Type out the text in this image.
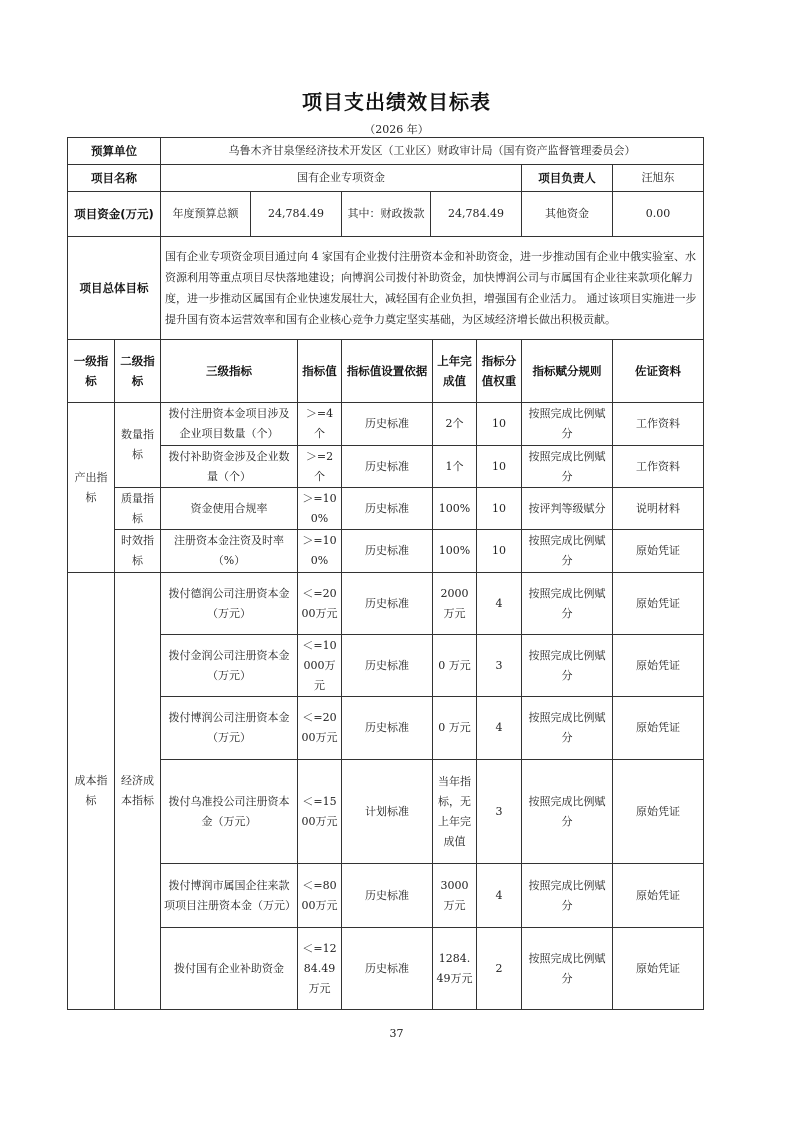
项目支出绩效目标表
（2026 年）
预算单位	乌鲁木齐甘泉堡经济技术开发区（工业区）财政审计局（国有资产监督管理委员会）					
项目名称	国有企业专项资金				项目负责人	汪旭东
项目资金(万元)	年度预算总额	24,784.49	其中：财政拨款	24,784.49	其他资金	0.00
项目总体目标	国有企业专项资金项目通过向 4 家国有企业拨付注册资本金和补助资金，进一步推动国有企业中俄实验室、水资源利用等重点项目尽快落地建设；向博润公司拨付补助资金，加快博润公司与市属国有企业往来款项化解力度，进一步推动区属国有企业快速发展壮大，减轻国有企业负担，增强国有企业活力。 通过该项目实施进一步提升国有资本运营效率和国有企业核心竞争力奠定坚实基础，为区域经济增长做出积极贡献。					
一级指标	二级指标	三级指标	指标值	指标值设置依据	上年完成值	指标分值权重	指标赋分规则	佐证资料
产出指标	数量指标	拨付注册资本金项目涉及企业项目数量（个）	＞=4个	历史标准	2个	10	按照完成比例赋分	工作资料
		拨付补助资金涉及企业数量（个）	＞=2个	历史标准	1个	10	按照完成比例赋分	工作资料
	质量指标	资金使用合规率	＞=100%	历史标准	100%	10	按评判等级赋分	说明材料
	时效指标	注册资本金注资及时率（%）	＞=100%	历史标准	100%	10	按照完成比例赋分	原始凭证
成本指标	经济成本指标	拨付德润公司注册资本金（万元）	＜=2000万元	历史标准	2000万元	4	按照完成比例赋分	原始凭证
		拨付金润公司注册资本金（万元）	＜=10000万元	历史标准	0 万元	3	按照完成比例赋分	原始凭证
		拨付博润公司注册资本金（万元）	＜=2000万元	历史标准	0 万元	4	按照完成比例赋分	原始凭证
		拨付乌准投公司注册资本金（万元）	＜=1500万元	计划标准	当年指标，无上年完成值	3	按照完成比例赋分	原始凭证
		拨付博润市属国企往来款项项目注册资本金（万元）	＜=8000万元	历史标准	3000万元	4	按照完成比例赋分	原始凭证
		拨付国有企业补助资金	＜=1284.49万元	历史标准	1284.49万元	2	按照完成比例赋分	原始凭证
37
